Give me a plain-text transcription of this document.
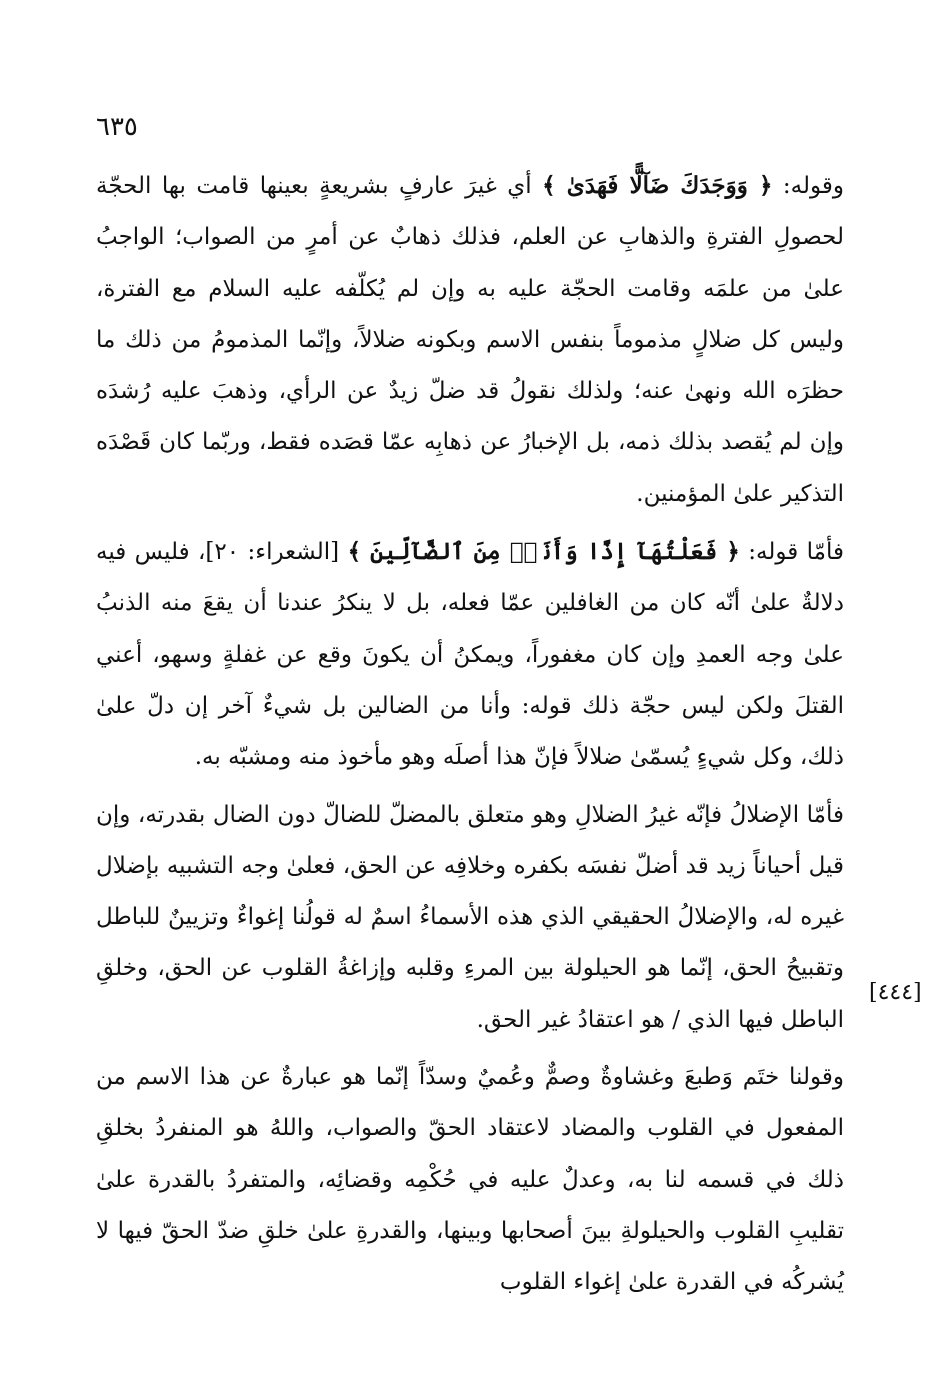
٦٣٥
[٤٤٤]

وقوله: ﴿ وَوَجَدَكَ ضَآلًّا فَهَدَىٰ ﴾ أي غيرَ عارفٍ بشريعةٍ بعينها قامت بها الحجّة لحصولِ الفترةِ والذهابِ عن العلم، فذلك ذهابٌ عن أمرٍ من الصواب؛ الواجبُ علىٰ من علمَه وقامت الحجّة عليه به وإن لم يُكلّفه عليه السلام مع الفترة، وليس كل ضلالٍ مذموماً بنفس الاسم وبكونه ضلالاً، وإنّما المذمومُ من ذلك ما حظرَه الله ونهىٰ عنه؛ ولذلك نقولُ قد ضلّ زيدٌ عن الرأي، وذهبَ عليه رُشدَه وإن لم يُقصد بذلك ذمه، بل الإخبارُ عن ذهابِه عمّا قصَده فقط، وربّما كان قَصْدَه التذكير علىٰ المؤمنين.

فأمّا قوله: ﴿ فَعَلْتُهَآ إِذًا وَأَنَا۠ مِنَ ٱلضَّآلِّينَ ﴾ [الشعراء: ٢٠]، فليس فيه دلالةٌ علىٰ أنّه كان من الغافلين عمّا فعله، بل لا ينكرُ عندنا أن يقعَ منه الذنبُ علىٰ وجه العمدِ وإن كان مغفوراً، ويمكنُ أن يكونَ وقع عن غفلةٍ وسهو، أعني القتلَ ولكن ليس حجّة ذلك قوله: وأنا من الضالين بل شيءٌ آخر إن دلّ علىٰ ذلك، وكل شيءٍ يُسمّىٰ ضلالاً فإنّ هذا أصلَه وهو مأخوذ منه ومشبّه به.

فأمّا الإضلالُ فإنّه غيرُ الضلالِ وهو متعلق بالمضلّ للضالّ دون الضال بقدرته، وإن قيل أحياناً زيد قد أضلّ نفسَه بكفره وخلافِه عن الحق، فعلىٰ وجه التشبيه بإضلال غيره له، والإضلالُ الحقيقي الذي هذه الأسماءُ اسمٌ له قولُنا إغواءٌ وتزيينٌ للباطل وتقبيحُ الحق، إنّما هو الحيلولة بين المرءِ وقلبه وإزاغةُ القلوب عن الحق، وخلقِ الباطل فيها الذي / هو اعتقادُ غير الحق.

وقولنا ختَم وَطبعَ وغشاوةٌ وصمٌّ وعُميٌ وسدّاً إنّما هو عبارةٌ عن هذا الاسم من المفعول في القلوب والمضاد لاعتقاد الحقّ والصواب، واللهُ هو المنفردُ بخلقِ ذلك في قسمه لنا به، وعدلٌ عليه في حُكْمِه وقضائِه، والمتفردُ بالقدرة علىٰ تقليبِ القلوب والحيلولةِ بينَ أصحابها وبينها، والقدرةِ علىٰ خلقِ ضدّ الحقّ فيها لا يُشركُه في القدرة علىٰ إغواء القلوب
